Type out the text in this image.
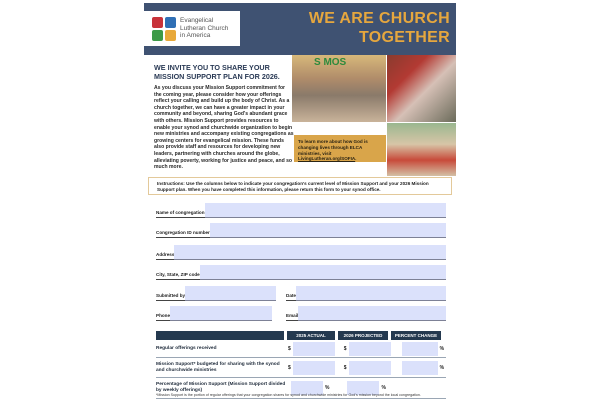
Evangelical
Lutheran Church
in America
WE ARE CHURCH
TOGETHER
WE INVITE YOU TO SHARE YOUR MISSION SUPPORT PLAN FOR 2026.
As you discuss your Mission Support commitment for the coming year, please consider how your offerings reflect your calling and build up the body of Christ. As a church together, we can have a greater impact in your community and beyond, sharing God's abundant grace with others. Mission Support provides resources to enable your synod and churchwide organization to begin new ministries and accompany existing congregations as growing centers for evangelical mission. These funds also provide staff and resources for developing new leaders, partnering with churches around the globe, alleviating poverty, working for justice and peace, and so much more.
S MOS
To learn more about how God is changing lives through ELCA ministries, visit LivingLutheran.org/SOFIA.
Instructions: Use the columns below to indicate your congregation's current level of Mission Support and your 2026 Mission Support plan. When you have completed this information, please return this form to your synod office.
Name of congregation
Congregation ID number
Address
City, State, ZIP code
Submitted by	Date
Phone	Email
2025 ACTUAL	2026 PROJECTED	PERCENT CHANGE
Regular offerings received	$	$	%
Mission Support* budgeted for sharing with the synod and churchwide ministries	$	$	%
Percentage of Mission Support (Mission Support divided by weekly offerings)	%	%
*Mission Support is the portion of regular offerings that your congregation shares for synod and churchwide ministries for God's mission beyond the local congregation.
